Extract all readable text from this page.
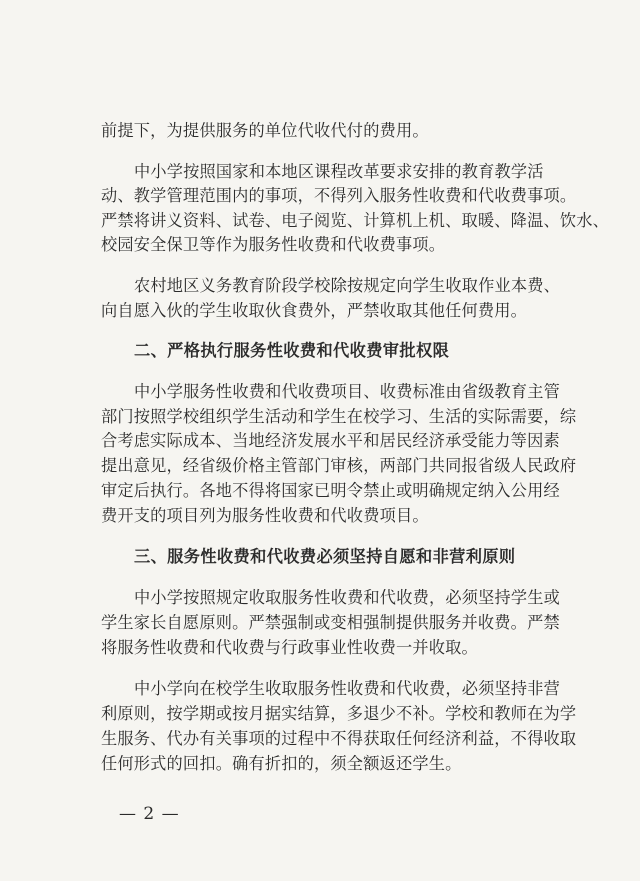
前提下，为提供服务的单位代收代付的费用。
中小学按照国家和本地区课程改革要求安排的教育教学活
动、教学管理范围内的事项，不得列入服务性收费和代收费事项。
严禁将讲义资料、试卷、电子阅览、计算机上机、取暖、降温、饮水、
校园安全保卫等作为服务性收费和代收费事项。
农村地区义务教育阶段学校除按规定向学生收取作业本费、
向自愿入伙的学生收取伙食费外，严禁收取其他任何费用。
二、严格执行服务性收费和代收费审批权限
中小学服务性收费和代收费项目、收费标准由省级教育主管
部门按照学校组织学生活动和学生在校学习、生活的实际需要，综
合考虑实际成本、当地经济发展水平和居民经济承受能力等因素
提出意见，经省级价格主管部门审核，两部门共同报省级人民政府
审定后执行。各地不得将国家已明令禁止或明确规定纳入公用经
费开支的项目列为服务性收费和代收费项目。
三、服务性收费和代收费必须坚持自愿和非营利原则
中小学按照规定收取服务性收费和代收费，必须坚持学生或
学生家长自愿原则。严禁强制或变相强制提供服务并收费。严禁
将服务性收费和代收费与行政事业性收费一并收取。
中小学向在校学生收取服务性收费和代收费，必须坚持非营
利原则，按学期或按月据实结算，多退少不补。学校和教师在为学
生服务、代办有关事项的过程中不得获取任何经济利益，不得收取
任何形式的回扣。确有折扣的，须全额返还学生。
— 2 —
